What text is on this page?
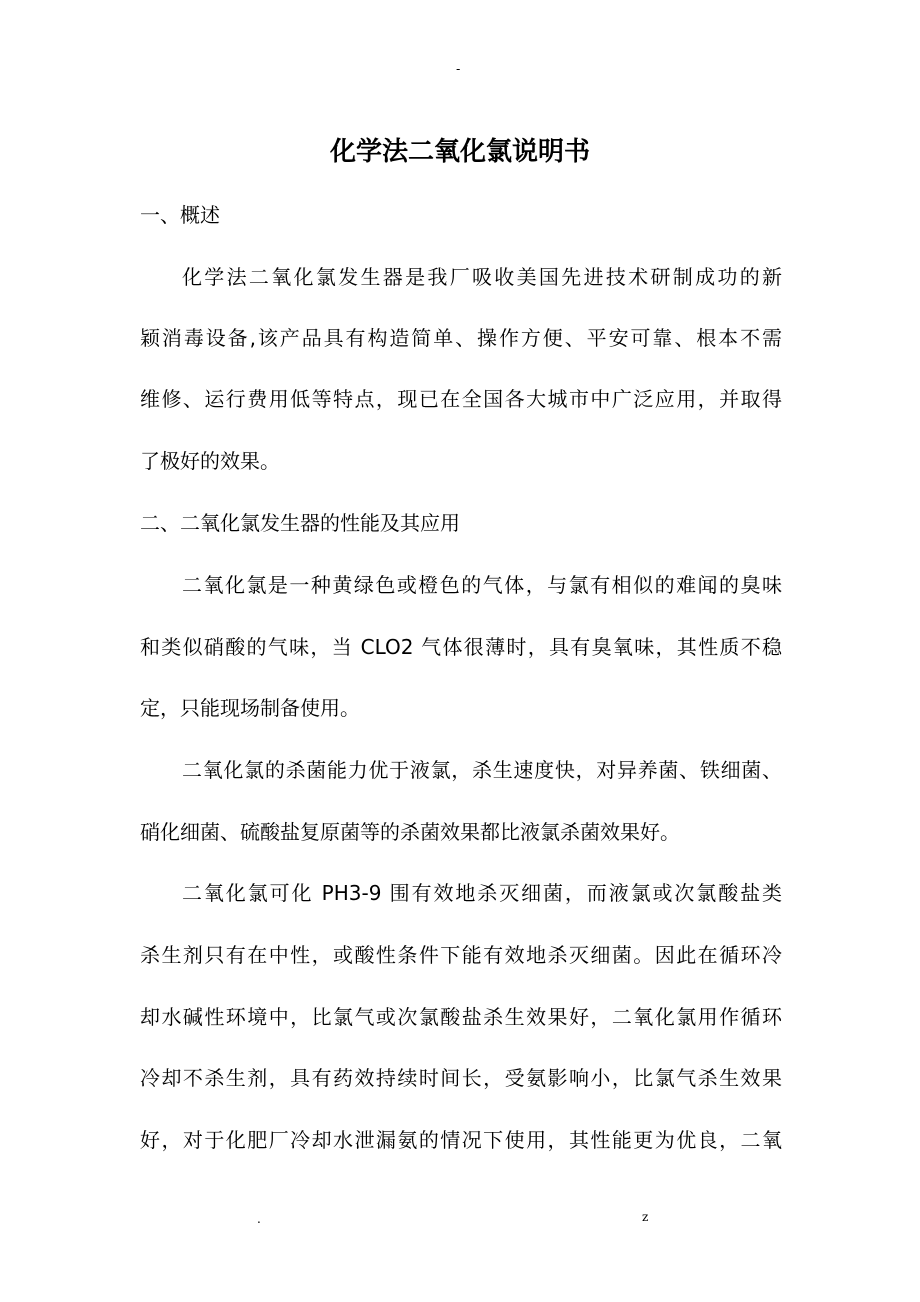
-
化学法二氧化氯说明书

一、概述

化学法二氧化氯发生器是我厂吸收美国先进技术研制成功的新

颖消毒设备,该产品具有构造简单、操作方便、平安可靠、根本不需

维修、运行费用低等特点，现已在全国各大城市中广泛应用，并取得

了极好的效果。

二、二氧化氯发生器的性能及其应用

二氧化氯是一种黄绿色或橙色的气体，与氯有相似的难闻的臭味

和类似硝酸的气味，当 CLO2 气体很薄时，具有臭氧味，其性质不稳

定，只能现场制备使用。

二氧化氯的杀菌能力优于液氯，杀生速度快，对异养菌、铁细菌、

硝化细菌、硫酸盐复原菌等的杀菌效果都比液氯杀菌效果好。

二氧化氯可化 PH3-9 围有效地杀灭细菌，而液氯或次氯酸盐类

杀生剂只有在中性，或酸性条件下能有效地杀灭细菌。因此在循环冷

却水碱性环境中，比氯气或次氯酸盐杀生效果好，二氧化氯用作循环

冷却不杀生剂，具有药效持续时间长，受氨影响小，比氯气杀生效果

好，对于化肥厂冷却水泄漏氨的情况下使用，其性能更为优良，二氧

.	z
